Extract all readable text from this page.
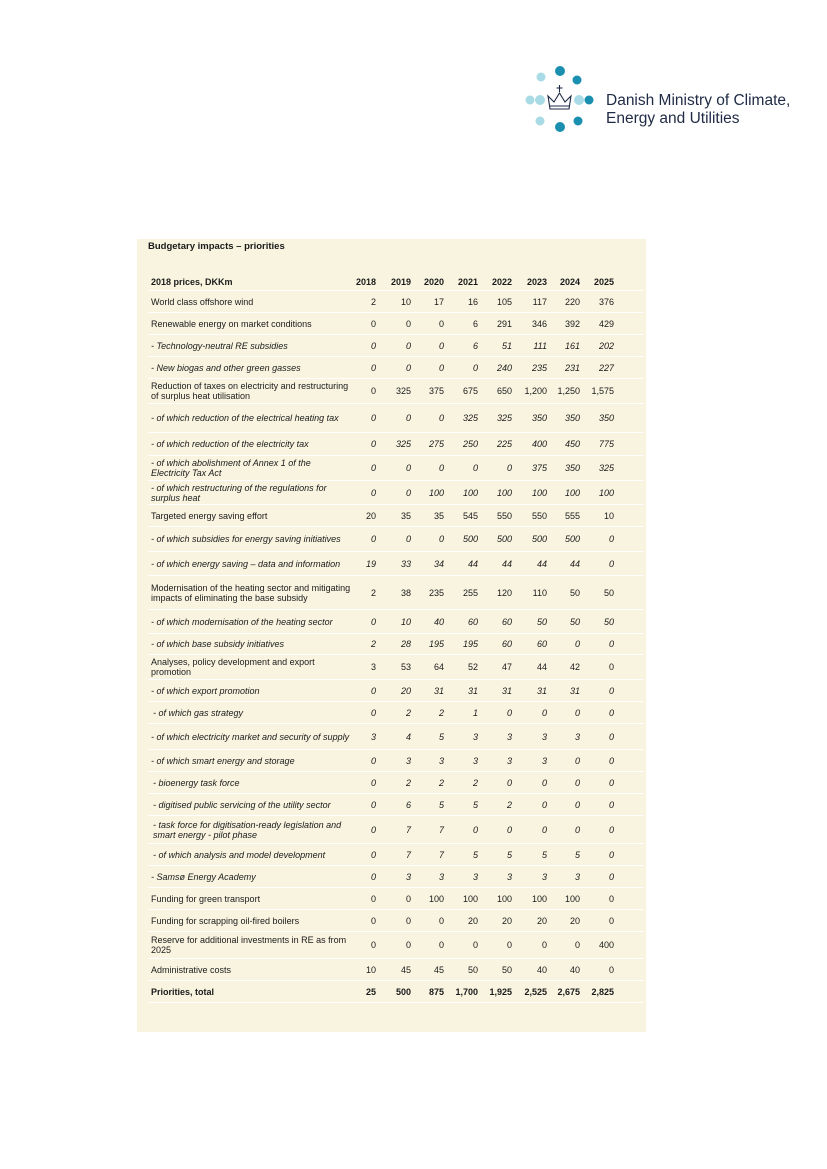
Danish Ministry of Climate,
Energy and Utilities
Budgetary impacts – priorities
2018 prices, DKKm	2018	2019	2020	2021	2022	2023	2024	2025
World class offshore wind	2	10	17	16	105	117	220	376
Renewable energy on market conditions	0	0	0	6	291	346	392	429
- Technology-neutral RE subsidies	0	0	0	6	51	111	161	202
- New biogas and other green gasses	0	0	0	0	240	235	231	227
Reduction of taxes on electricity and restructuring of surplus heat utilisation	0	325	375	675	650	1,200	1,250	1,575
- of which reduction of the electrical heating tax	0	0	0	325	325	350	350	350
- of which reduction of the electricity tax	0	325	275	250	225	400	450	775
- of which abolishment of Annex 1 of the Electricity Tax Act	0	0	0	0	0	375	350	325
- of which restructuring of the regulations for surplus heat	0	0	100	100	100	100	100	100
Targeted energy saving effort	20	35	35	545	550	550	555	10
- of which subsidies for energy saving initiatives	0	0	0	500	500	500	500	0
- of which energy saving – data and information	19	33	34	44	44	44	44	0
Modernisation of the heating sector and mitigating impacts of eliminating the base subsidy	2	38	235	255	120	110	50	50
- of which modernisation of the heating sector	0	10	40	60	60	50	50	50
- of which base subsidy initiatives	2	28	195	195	60	60	0	0
Analyses, policy development and export promotion	3	53	64	52	47	44	42	0
- of which export promotion	0	20	31	31	31	31	31	0
- of which gas strategy	0	2	2	1	0	0	0	0
- of which electricity market and security of supply	3	4	5	3	3	3	3	0
- of which smart energy and storage	0	3	3	3	3	3	0	0
- bioenergy task force	0	2	2	2	0	0	0	0
- digitised public servicing of the utility sector	0	6	5	5	2	0	0	0
- task force for digitisation-ready legislation and smart energy - pilot phase	0	7	7	0	0	0	0	0
- of which analysis and model development	0	7	7	5	5	5	5	0
- Samsø Energy Academy	0	3	3	3	3	3	3	0
Funding for green transport	0	0	100	100	100	100	100	0
Funding for scrapping oil-fired boilers	0	0	0	20	20	20	20	0
Reserve for additional investments in RE as from 2025	0	0	0	0	0	0	0	400
Administrative costs	10	45	45	50	50	40	40	0
Priorities, total	25	500	875	1,700	1,925	2,525	2,675	2,825
